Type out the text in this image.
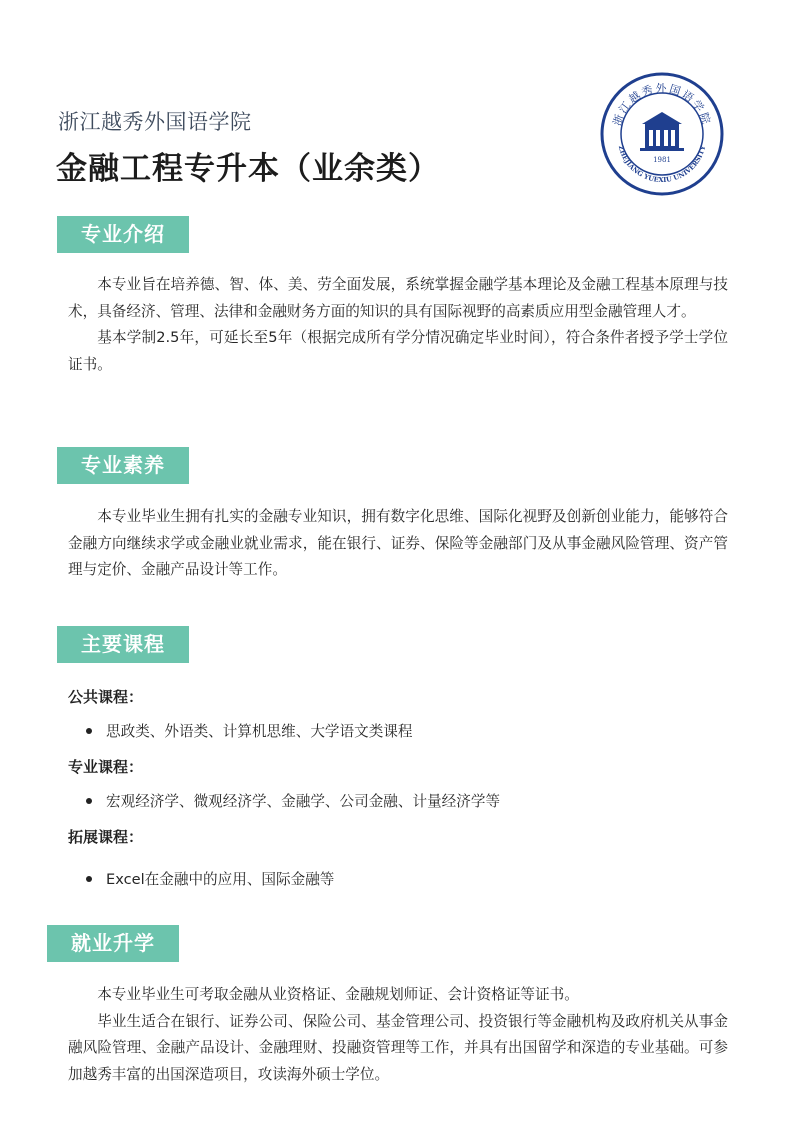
浙江越秀外国语学院
金融工程专升本（业余类）
浙江越秀外国语学院
ZHEJIANG YUEXIU UNIVERSITY
1981
专业介绍

本专业旨在培养德、智、体、美、劳全面发展，系统掌握金融学基本理论及金融工程基本原理与技术，具备经济、管理、法律和金融财务方面的知识的具有国际视野的高素质应用型金融管理人才。

基本学制2.5年，可延长至5年（根据完成所有学分情况确定毕业时间），符合条件者授予学士学位证书。

专业素养

本专业毕业生拥有扎实的金融专业知识，拥有数字化思维、国际化视野及创新创业能力，能够符合金融方向继续求学或金融业就业需求，能在银行、证券、保险等金融部门及从事金融风险管理、资产管理与定价、金融产品设计等工作。

主要课程
公共课程：
思政类、外语类、计算机思维、大学语文类课程
专业课程：
宏观经济学、微观经济学、金融学、公司金融、计量经济学等
拓展课程：
Excel在金融中的应用、国际金融等
就业升学

本专业毕业生可考取金融从业资格证、金融规划师证、会计资格证等证书。

毕业生适合在银行、证券公司、保险公司、基金管理公司、投资银行等金融机构及政府机关从事金融风险管理、金融产品设计、金融理财、投融资管理等工作，并具有出国留学和深造的专业基础。可参加越秀丰富的出国深造项目，攻读海外硕士学位。
